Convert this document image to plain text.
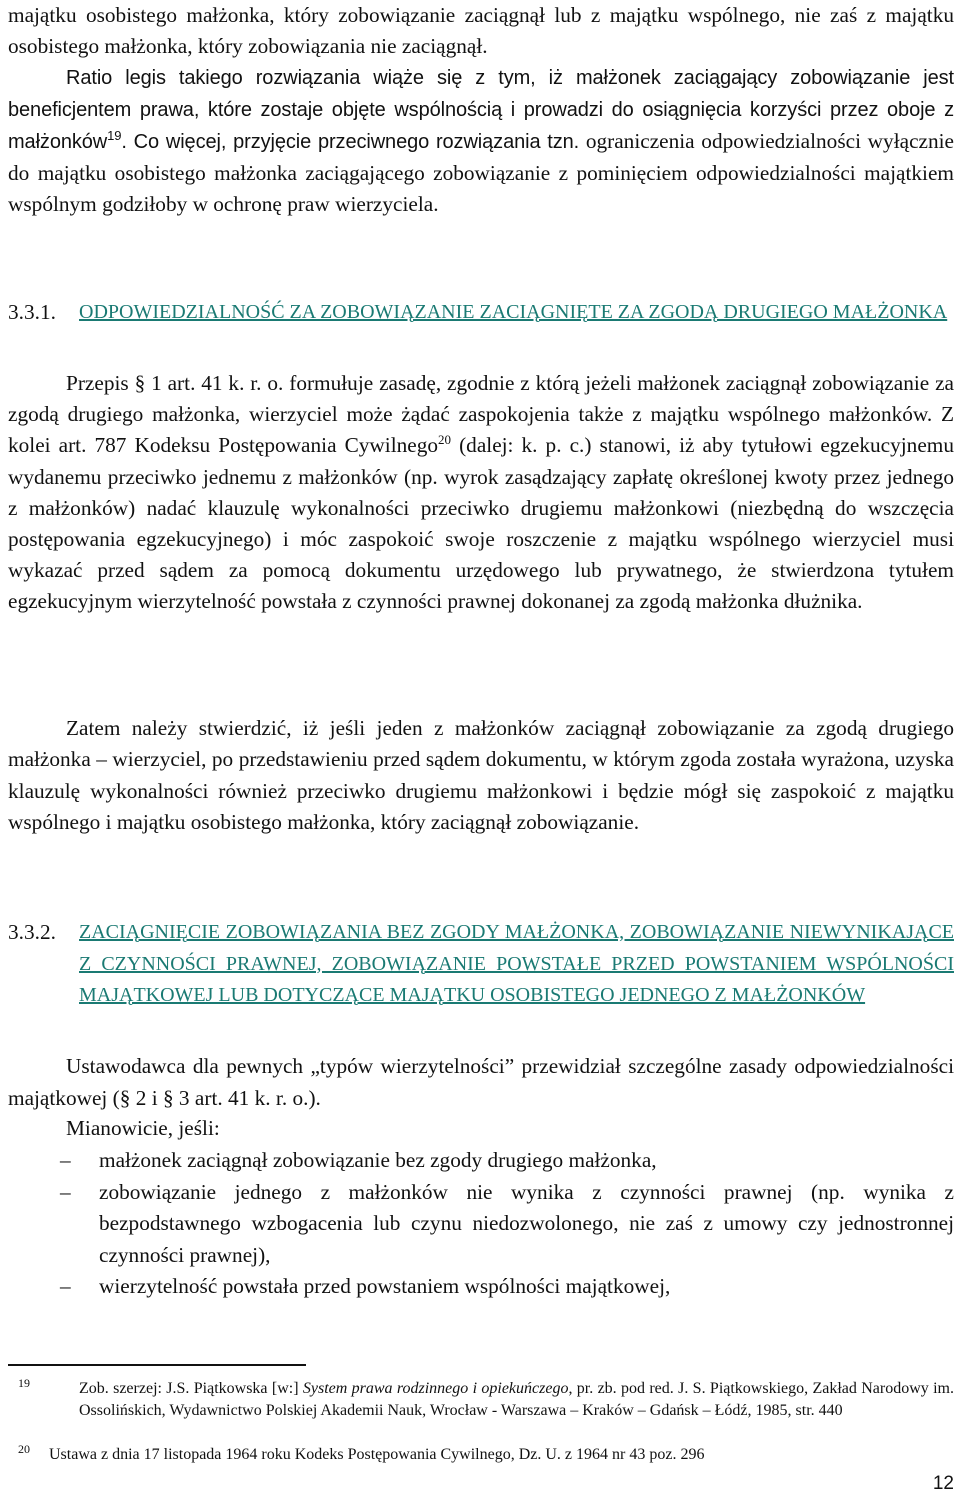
majątku osobistego małżonka, który zobowiązanie zaciągnął lub z majątku wspólnego, nie zaś z majątku osobistego małżonka, który zobowiązania nie zaciągnął.
Ratio legis takiego rozwiązania wiąże się z tym, iż małżonek zaciągający zobowiązanie jest beneficjentem prawa, które zostaje objęte wspólnością i prowadzi do osiągnięcia korzyści przez oboje z małżonków$^{19}$. Co więcej, przyjęcie przeciwnego rozwiązania tzn. ograniczenia odpowiedzialności wyłącznie do majątku osobistego małżonka zaciągającego zobowiązanie z pominięciem odpowiedzialności majątkiem wspólnym godziłoby w ochronę praw wierzyciela.

3.3.1. ODPOWIEDZIALNOŚĆ ZA ZOBOWIĄZANIE ZACIĄGNIĘTE ZA ZGODĄ DRUGIEGO MAŁŻONKA

Przepis § 1 art. 41 k. r. o. formułuje zasadę, zgodnie z którą jeżeli małżonek zaciągnął zobowiązanie za zgodą drugiego małżonka, wierzyciel może żądać zaspokojenia także z majątku wspólnego małżonków. Z kolei art. 787 Kodeksu Postępowania Cywilnego$^{20}$ (dalej: k. p. c.) stanowi, iż aby tytułowi egzekucyjnemu wydanemu przeciwko jednemu z małżonków (np. wyrok zasądzający zapłatę określonej kwoty przez jednego z małżonków) nadać klauzulę wykonalności przeciwko drugiemu małżonkowi (niezbędną do wszczęcia postępowania egzekucyjnego) i móc zaspokoić swoje roszczenie z majątku wspólnego wierzyciel musi wykazać przed sądem za pomocą dokumentu urzędowego lub prywatnego, że stwierdzona tytułem egzekucyjnym wierzytelność powstała z czynności prawnej dokonanej za zgodą małżonka dłużnika.

Zatem należy stwierdzić, iż jeśli jeden z małżonków zaciągnął zobowiązanie za zgodą drugiego małżonka – wierzyciel, po przedstawieniu przed sądem dokumentu, w którym zgoda została wyrażona, uzyska klauzulę wykonalności również przeciwko drugiemu małżonkowi i będzie mógł się zaspokoić z majątku wspólnego i majątku osobistego małżonka, który zaciągnął zobowiązanie.

3.3.2. ZACIĄGNIĘCIE ZOBOWIĄZANIA BEZ ZGODY MAŁŻONKA, ZOBOWIĄZANIE NIEWYNIKAJĄCE Z CZYNNOŚCI PRAWNEJ, ZOBOWIĄZANIE POWSTAŁE PRZED POWSTANIEM WSPÓLNOŚCI MAJĄTKOWEJ LUB DOTYCZĄCE MAJĄTKU OSOBISTEGO JEDNEGO Z MAŁŻONKÓW

Ustawodawca dla pewnych „typów wierzytelności” przewidział szczególne zasady odpowiedzialności majątkowej (§ 2 i § 3 art. 41 k. r. o.).

Mianowicie, jeśli:

– małżonek zaciągnął zobowiązanie bez zgody drugiego małżonka,
– zobowiązanie jednego z małżonków nie wynika z czynności prawnej (np. wynika z bezpodstawnego wzbogacenia lub czynu niedozwolonego, nie zaś z umowy czy jednostronnej czynności prawnej),
– wierzytelność powstała przed powstaniem wspólności majątkowej,
19	Zob. szerzej: J.S. Piątkowska [w:] System prawa rodzinnego i opiekuńczego, pr. zb. pod red. J. S. Piątkowskiego, Zakład Narodowy im. Ossolińskich, Wydawnictwo Polskiej Akademii Nauk, Wrocław - Warszawa – Kraków – Gdańsk – Łódź, 1985, str. 440
20 Ustawa z dnia 17 listopada 1964 roku Kodeks Postępowania Cywilnego, Dz. U. z 1964 nr 43 poz. 296
12
